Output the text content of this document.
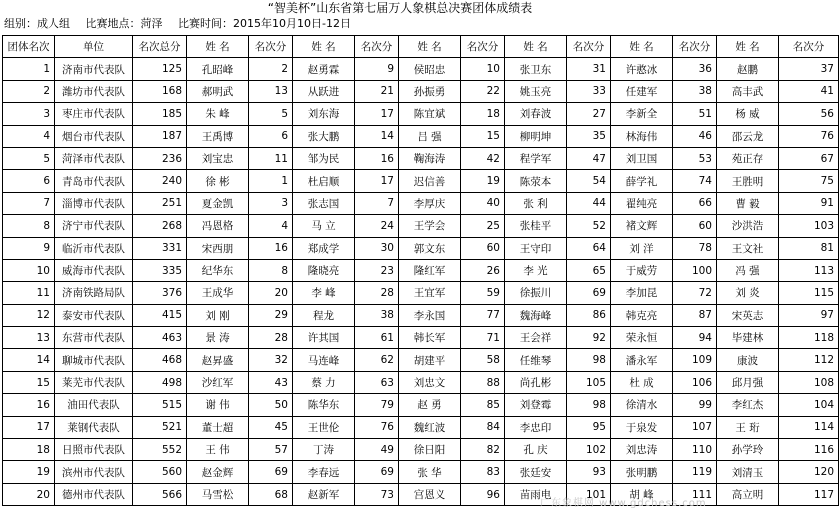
“智美杯”山东省第七届万人象棋总决赛团体成绩表
组别：成人组 比赛地点：菏泽 比赛时间：2015年10月10日-12日
团体名次	单位	名次总分	姓 名	名次分	姓 名	名次分	姓 名	名次分	姓 名	名次分	姓 名	名次分	姓 名	名次分
1	济南市代表队	125	孔昭峰	2	赵勇霖	9	侯昭忠	10	张卫东	31	许憨冰	36	赵鹏	37
2	潍坊市代表队	168	郝明武	13	从跃进	21	孙振勇	22	姚玉亮	33	任建军	38	高丰武	41
3	枣庄市代表队	185	朱 峰	5	刘东海	17	陈宜斌	18	刘春波	27	李新全	51	杨 威	56
4	烟台市代表队	187	王禹博	6	张大鹏	14	吕 强	15	柳明坤	35	林海伟	46	邵云龙	76
5	菏泽市代表队	236	刘宝忠	11	邹为民	16	鞠海涛	42	程学军	47	刘卫国	53	苑正存	67
6	青岛市代表队	240	徐 彬	1	杜启顺	17	迟信善	19	陈荥本	54	薛学礼	74	王胜明	75
7	淄博市代表队	251	夏金凯	3	张志国	7	李厚庆	40	张 利	44	翟纯亮	66	曹 毅	91
8	济宁市代表队	268	冯恩格	4	马 立	24	王学会	25	张桂平	52	褚文辉	60	沙洪浩	103
9	临沂市代表队	331	宋西朋	16	郑成学	30	郭文东	60	王守印	64	刘 洋	78	王文社	81
10	威海市代表队	335	纪华东	8	隆晓亮	23	隆红军	26	李 光	65	于威劳	100	冯 强	113
11	济南铁路局队	376	王成华	20	李 峰	28	王宜军	59	徐振川	69	李加昆	72	刘 炎	115
12	泰安市代表队	415	刘 刚	29	程龙	38	李永国	77	魏海峰	86	韩克亮	87	宋英志	97
13	东营市代表队	463	景 涛	28	许其国	61	韩长军	71	王会祥	92	荣永恒	94	毕建林	118
14	聊城市代表队	468	赵昇盛	32	马连峰	62	胡建平	58	任维琴	98	潘永军	109	康波	112
15	莱芜市代表队	498	沙红军	43	蔡 力	63	刘忠文	88	尚孔彬	105	杜 成	106	邱月强	108
16	油田代表队	515	谢 伟	50	陈华东	79	赵 勇	85	刘登霉	98	徐清水	99	李红杰	104
17	莱钢代表队	521	董士超	45	王世伦	76	魏红波	84	李忠印	95	于泉发	107	王 珩	114
18	日照市代表队	552	王 伟	57	丁涛	49	徐日阳	82	孔 庆	102	刘忠涛	110	孙学玲	116
19	滨州市代表队	560	赵金辉	69	李春远	69	张 华	83	张廷安	93	张明鹏	119	刘清玉	120
20	德州市代表队	566	马雪松	68	赵新军	73	宫恩义	96	苗雨电	101	胡 峰	111	高立明	117
广东象棋网 www.gdchess.com
